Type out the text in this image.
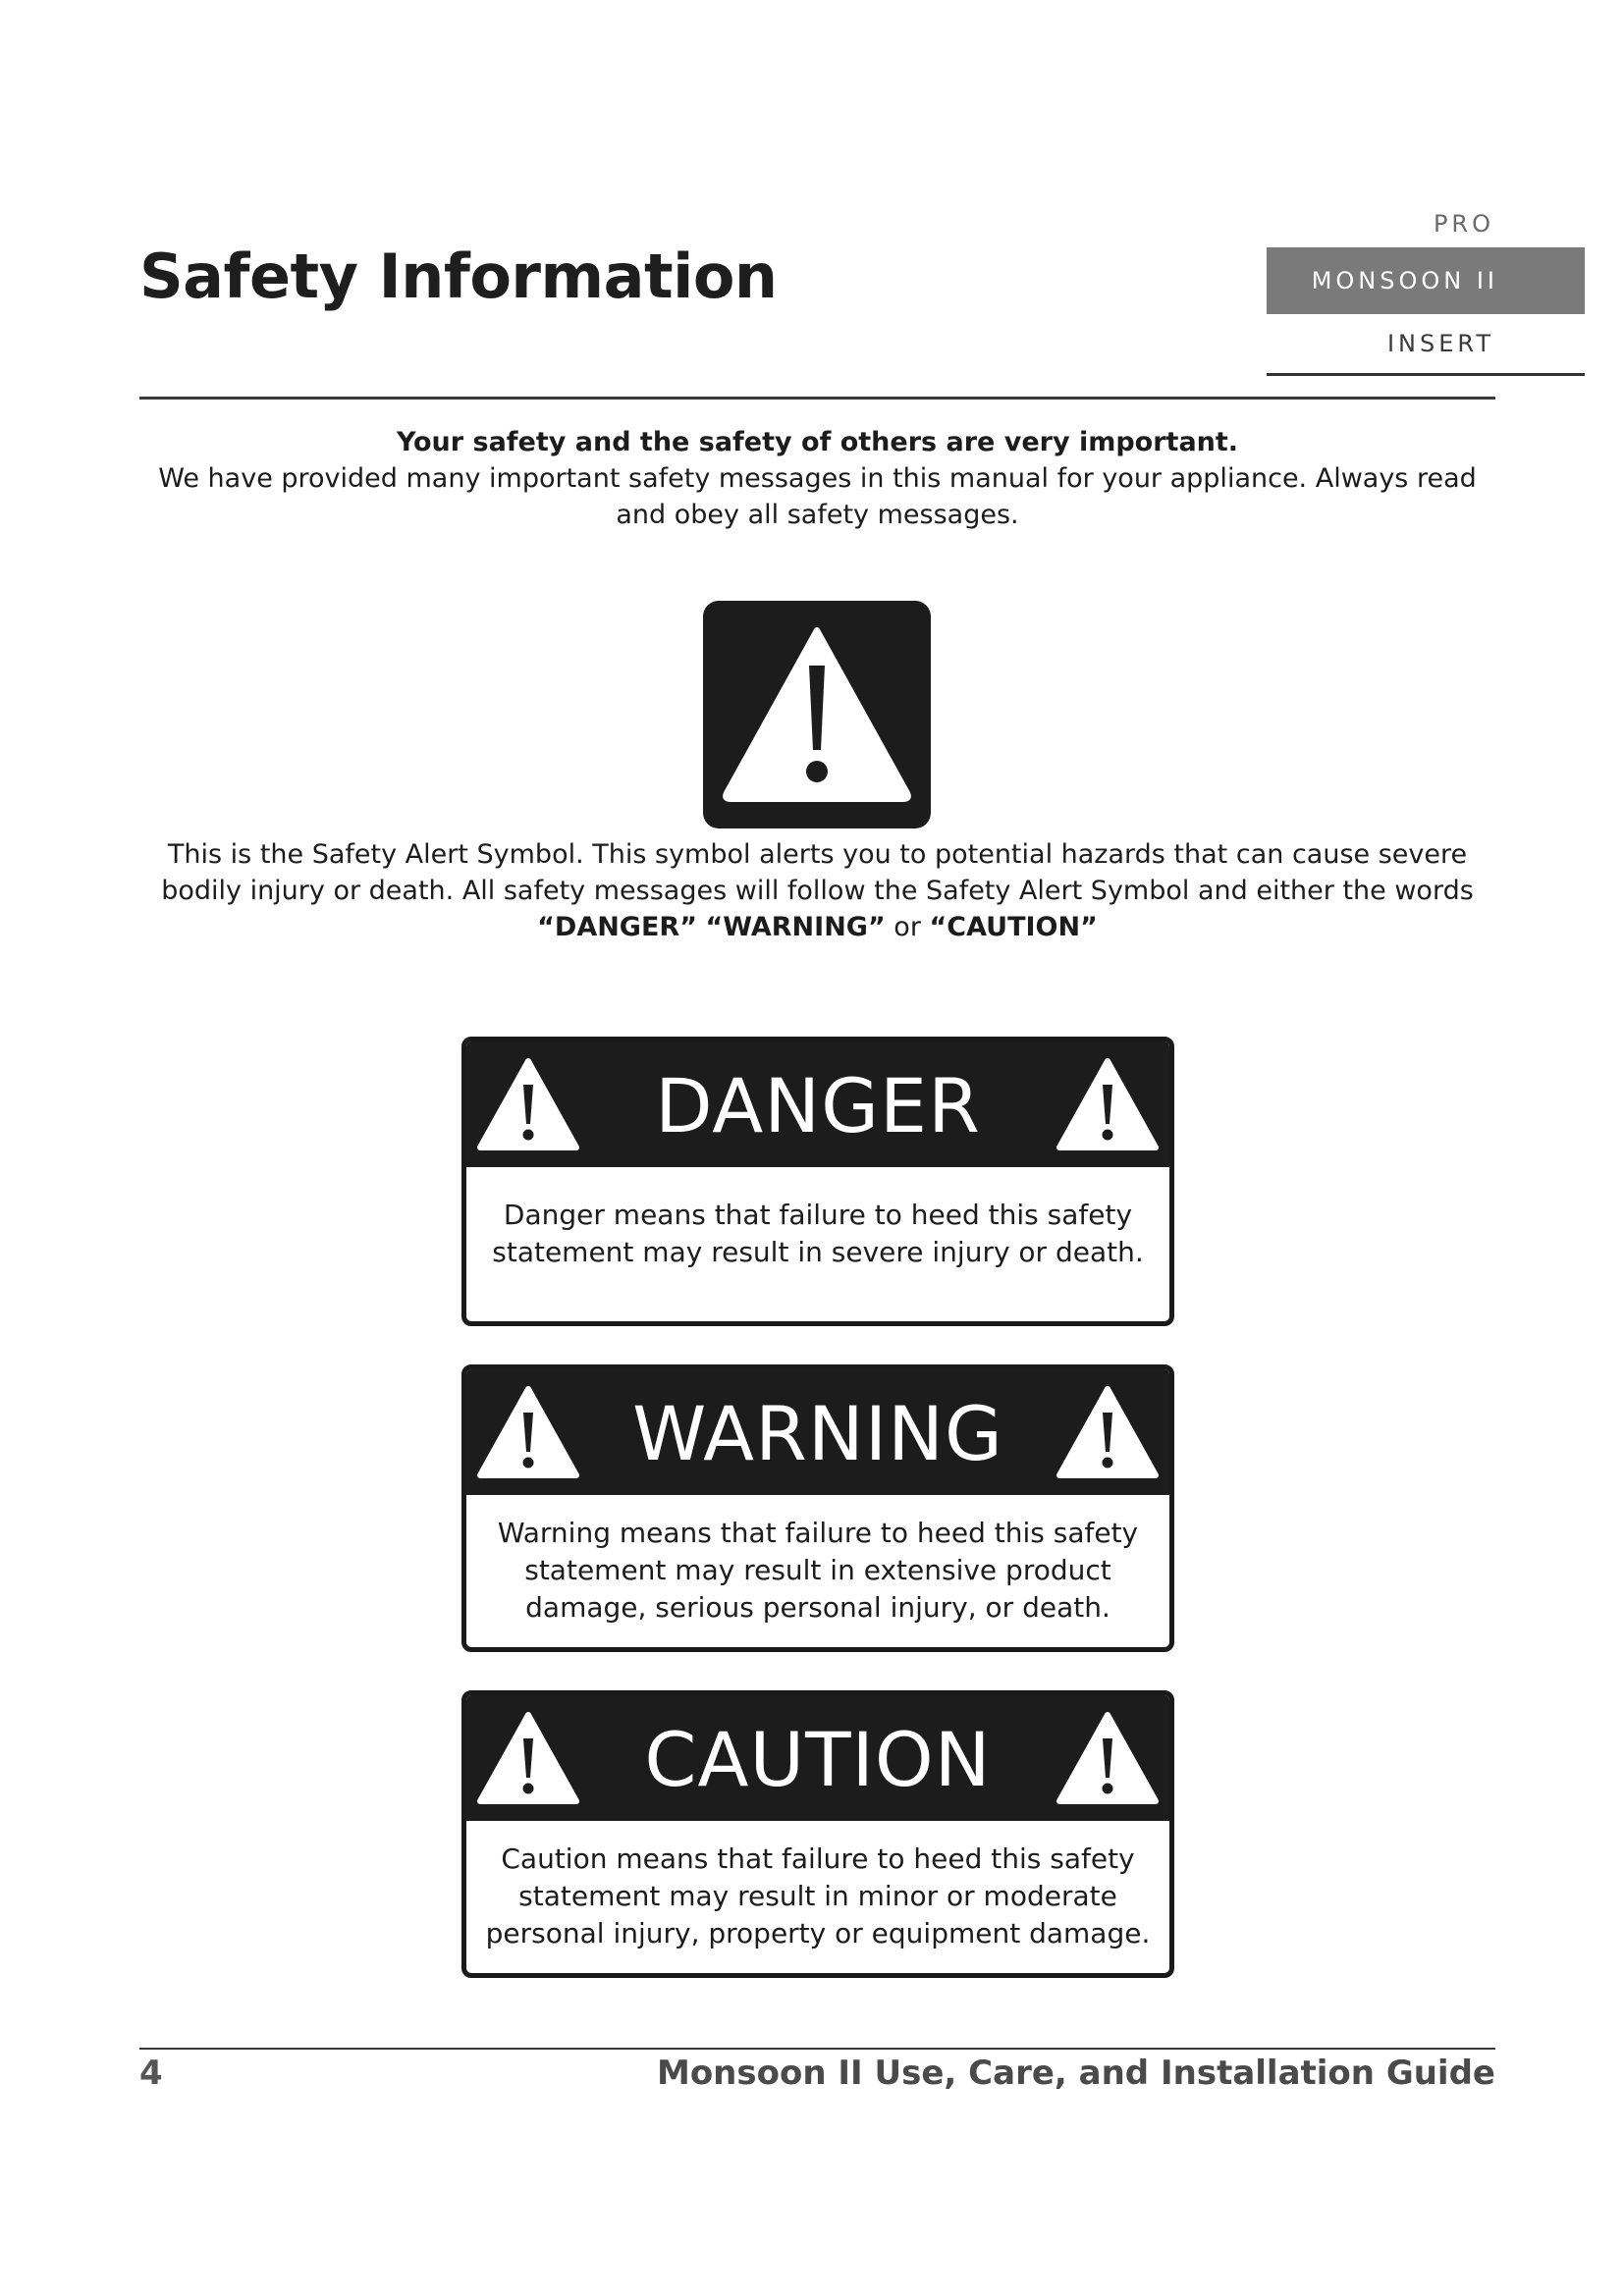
Safety Information
PRO
MONSOON II
INSERT

Your safety and the safety of others are very important.
We have provided many important safety messages in this manual for your appliance. Always read and obey all safety messages.

This is the Safety Alert Symbol. This symbol alerts you to potential hazards that can cause severe bodily injury or death. All safety messages will follow the Safety Alert Symbol and either the words
“DANGER” “WARNING” or “CAUTION”

DANGER
Danger means that failure to heed this safety statement may result in severe injury or death.
WARNING
Warning means that failure to heed this safety statement may result in extensive product damage, serious personal injury, or death.
CAUTION
Caution means that failure to heed this safety statement may result in minor or moderate personal injury, property or equipment damage.
4	Monsoon II Use, Care, and Installation Guide
